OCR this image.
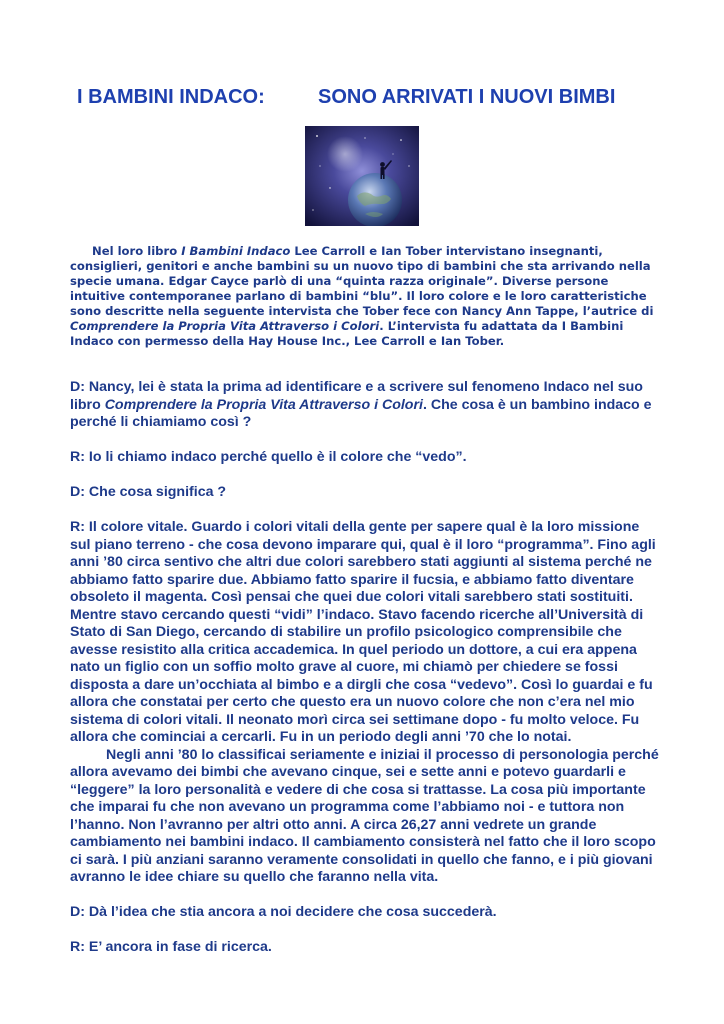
I BAMBINI INDACO:	SONO ARRIVATI I NUOVI BIMBI
Nel loro libro I Bambini Indaco Lee Carroll e Ian Tober intervistano insegnanti, consiglieri, genitori e anche bambini su un nuovo tipo di bambini che sta arrivando nella specie umana. Edgar Cayce parlò di una “quinta razza originale”. Diverse persone intuitive contemporanee parlano di bambini “blu”. Il loro colore e le loro caratteristiche sono descritte nella seguente intervista che Tober fece con Nancy Ann Tappe, l’autrice di Comprendere la Propria Vita Attraverso i Colori. L’intervista fu adattata da I Bambini Indaco con permesso della Hay House Inc., Lee Carroll e Ian Tober.

D: Nancy, lei è stata la prima ad identificare e a scrivere sul fenomeno Indaco nel suo libro Comprendere la Propria Vita Attraverso i Colori. Che cosa è un bambino indaco e perché li chiamiamo così ?

R: Io li chiamo indaco perché quello è il colore che “vedo”.

D: Che cosa significa ?

R: Il colore vitale. Guardo i colori vitali della gente per sapere qual è la loro missione sul piano terreno - che cosa devono imparare qui, qual è il loro “programma”. Fino agli anni ’80 circa sentivo che altri due colori sarebbero stati aggiunti al sistema perché ne abbiamo fatto sparire due. Abbiamo fatto sparire il fucsia, e abbiamo fatto diventare obsoleto il magenta. Così pensai che quei due colori vitali sarebbero stati sostituiti. Mentre stavo cercando questi “vidi” l’indaco. Stavo facendo ricerche all’Università di Stato di San Diego, cercando di stabilire un profilo psicologico comprensibile che avesse resistito alla critica accademica. In quel periodo un dottore, a cui era appena nato un figlio con un soffio molto grave al cuore, mi chiamò per chiedere se fossi disposta a dare un’occhiata al bimbo e a dirgli che cosa “vedevo”. Così lo guardai e fu allora che constatai per certo che questo era un nuovo colore che non c’era nel mio sistema di colori vitali. Il neonato morì circa sei settimane dopo - fu molto veloce. Fu allora che cominciai a cercarli. Fu in un periodo degli anni ’70 che lo notai.

Negli anni ’80 lo classificai seriamente e iniziai il processo di personologia perché allora avevamo dei bimbi che avevano cinque, sei e sette anni e potevo guardarli e “leggere” la loro personalità e vedere di che cosa si trattasse. La cosa più importante che imparai fu che non avevano un programma come l’abbiamo noi - e tuttora non l’hanno. Non l’avranno per altri otto anni. A circa 26,27 anni vedrete un grande cambiamento nei bambini indaco. Il cambiamento consisterà nel fatto che il loro scopo ci sarà. I più anziani saranno veramente consolidati in quello che fanno, e i più giovani avranno le idee chiare su quello che faranno nella vita.

D: Dà l’idea che stia ancora a noi decidere che cosa succederà.

R: E’ ancora in fase di ricerca.
